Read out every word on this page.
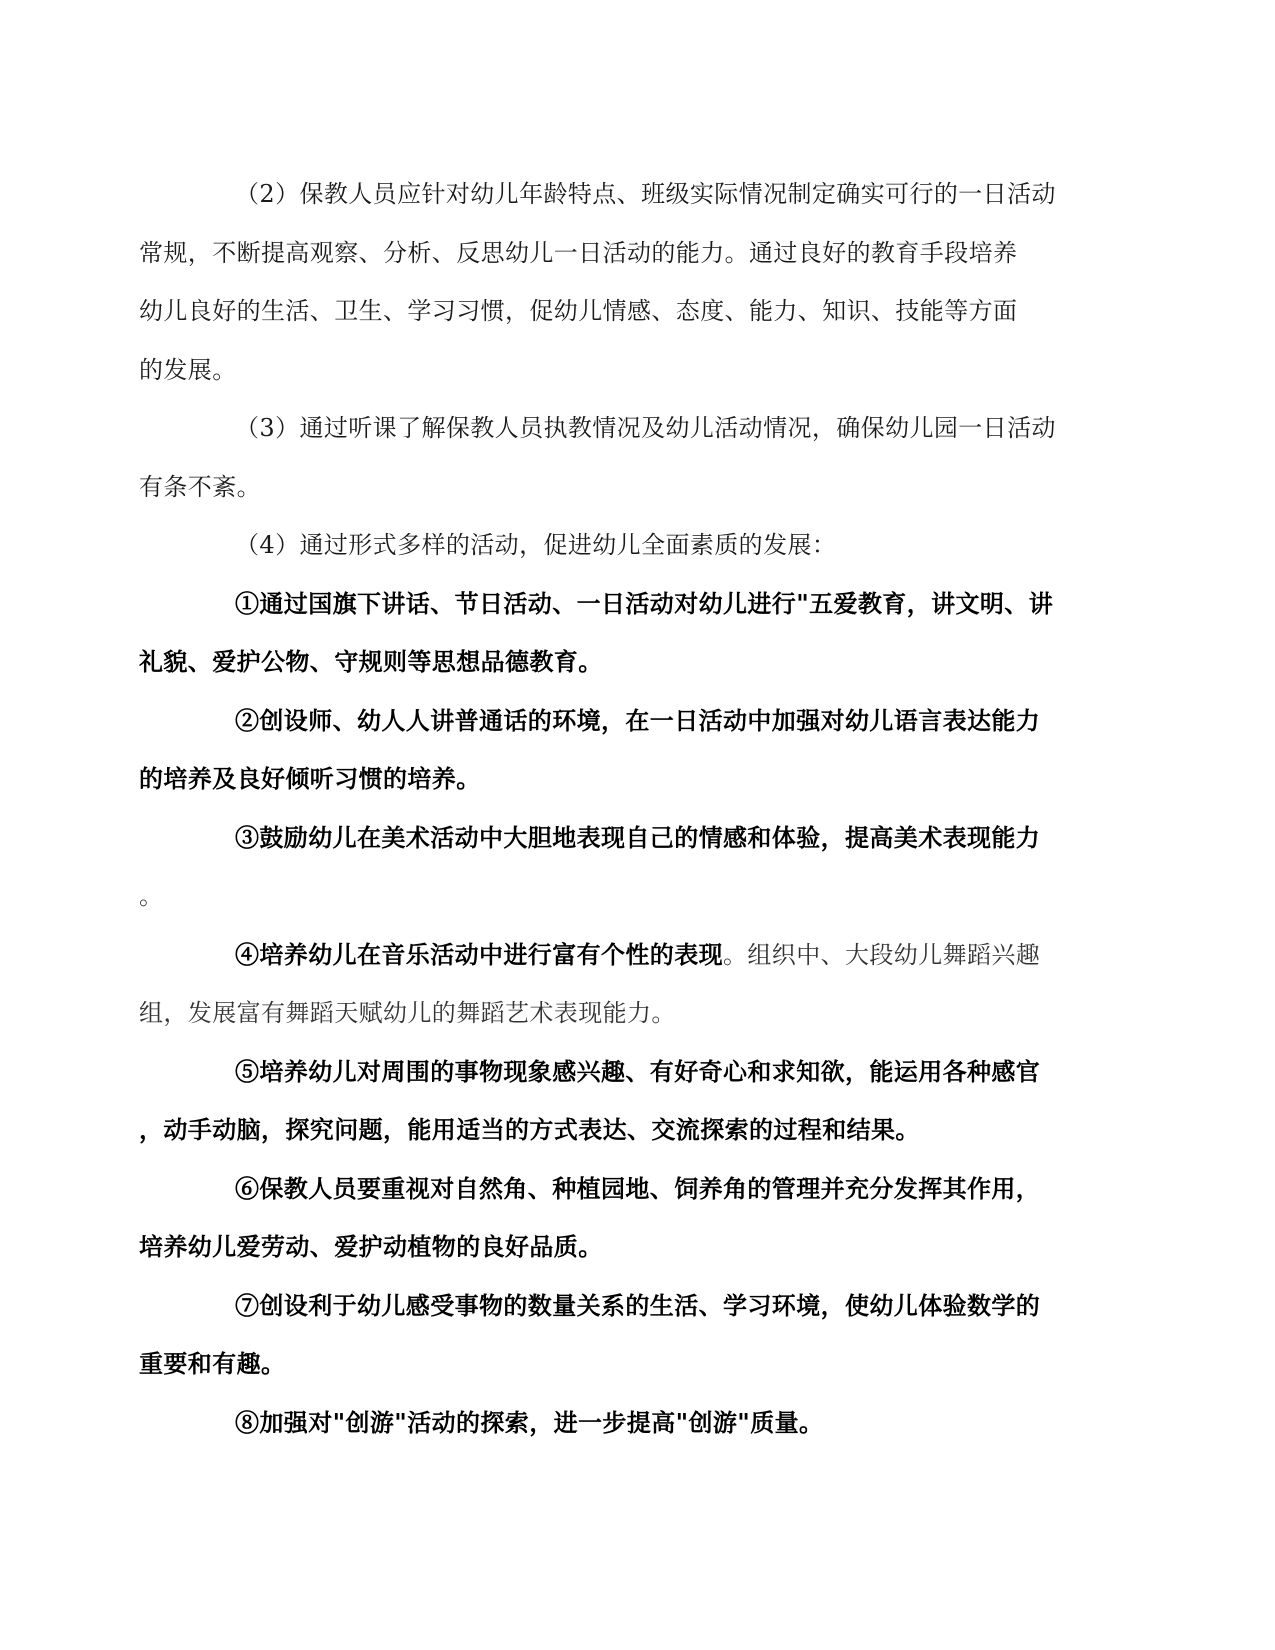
（2）保教人员应针对幼儿年龄特点、班级实际情况制定确实可行的一日活动
常规，不断提高观察、分析、反思幼儿一日活动的能力。通过良好的教育手段培养
幼儿良好的生活、卫生、学习习惯，促幼儿情感、态度、能力、知识、技能等方面
的发展。

（3）通过听课了解保教人员执教情况及幼儿活动情况，确保幼儿园一日活动
有条不紊。

（4）通过形式多样的活动，促进幼儿全面素质的发展：

①通过国旗下讲话、节日活动、一日活动对幼儿进行"五爱教育，讲文明、讲
礼貌、爱护公物、守规则等思想品德教育。

②创设师、幼人人讲普通话的环境，在一日活动中加强对幼儿语言表达能力
的培养及良好倾听习惯的培养。

③鼓励幼儿在美术活动中大胆地表现自己的情感和体验，提高美术表现能力
。

④培养幼儿在音乐活动中进行富有个性的表现。组织中、大段幼儿舞蹈兴趣
组，发展富有舞蹈天赋幼儿的舞蹈艺术表现能力。

⑤培养幼儿对周围的事物现象感兴趣、有好奇心和求知欲，能运用各种感官
，动手动脑，探究问题，能用适当的方式表达、交流探索的过程和结果。

⑥保教人员要重视对自然角、种植园地、饲养角的管理并充分发挥其作用，
培养幼儿爱劳动、爱护动植物的良好品质。

⑦创设利于幼儿感受事物的数量关系的生活、学习环境，使幼儿体验数学的
重要和有趣。

⑧加强对"创游"活动的探索，进一步提高"创游"质量。
